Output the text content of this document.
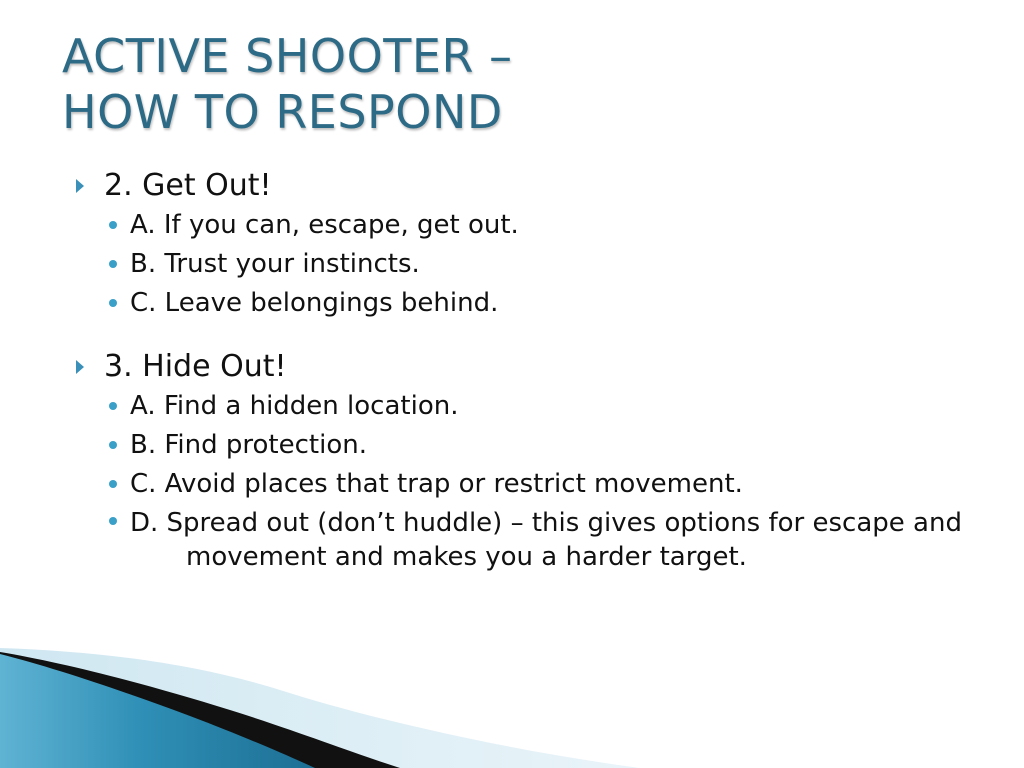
ACTIVE SHOOTER –
HOW TO RESPOND
2. Get Out!
A. If you can, escape, get out.
B. Trust your instincts.
C. Leave belongings behind.
3. Hide Out!
A. Find a hidden location.
B. Find protection.
C. Avoid places that trap or restrict movement.
D. Spread out (don’t huddle) – this gives options for escape and movement and makes you a harder target.
